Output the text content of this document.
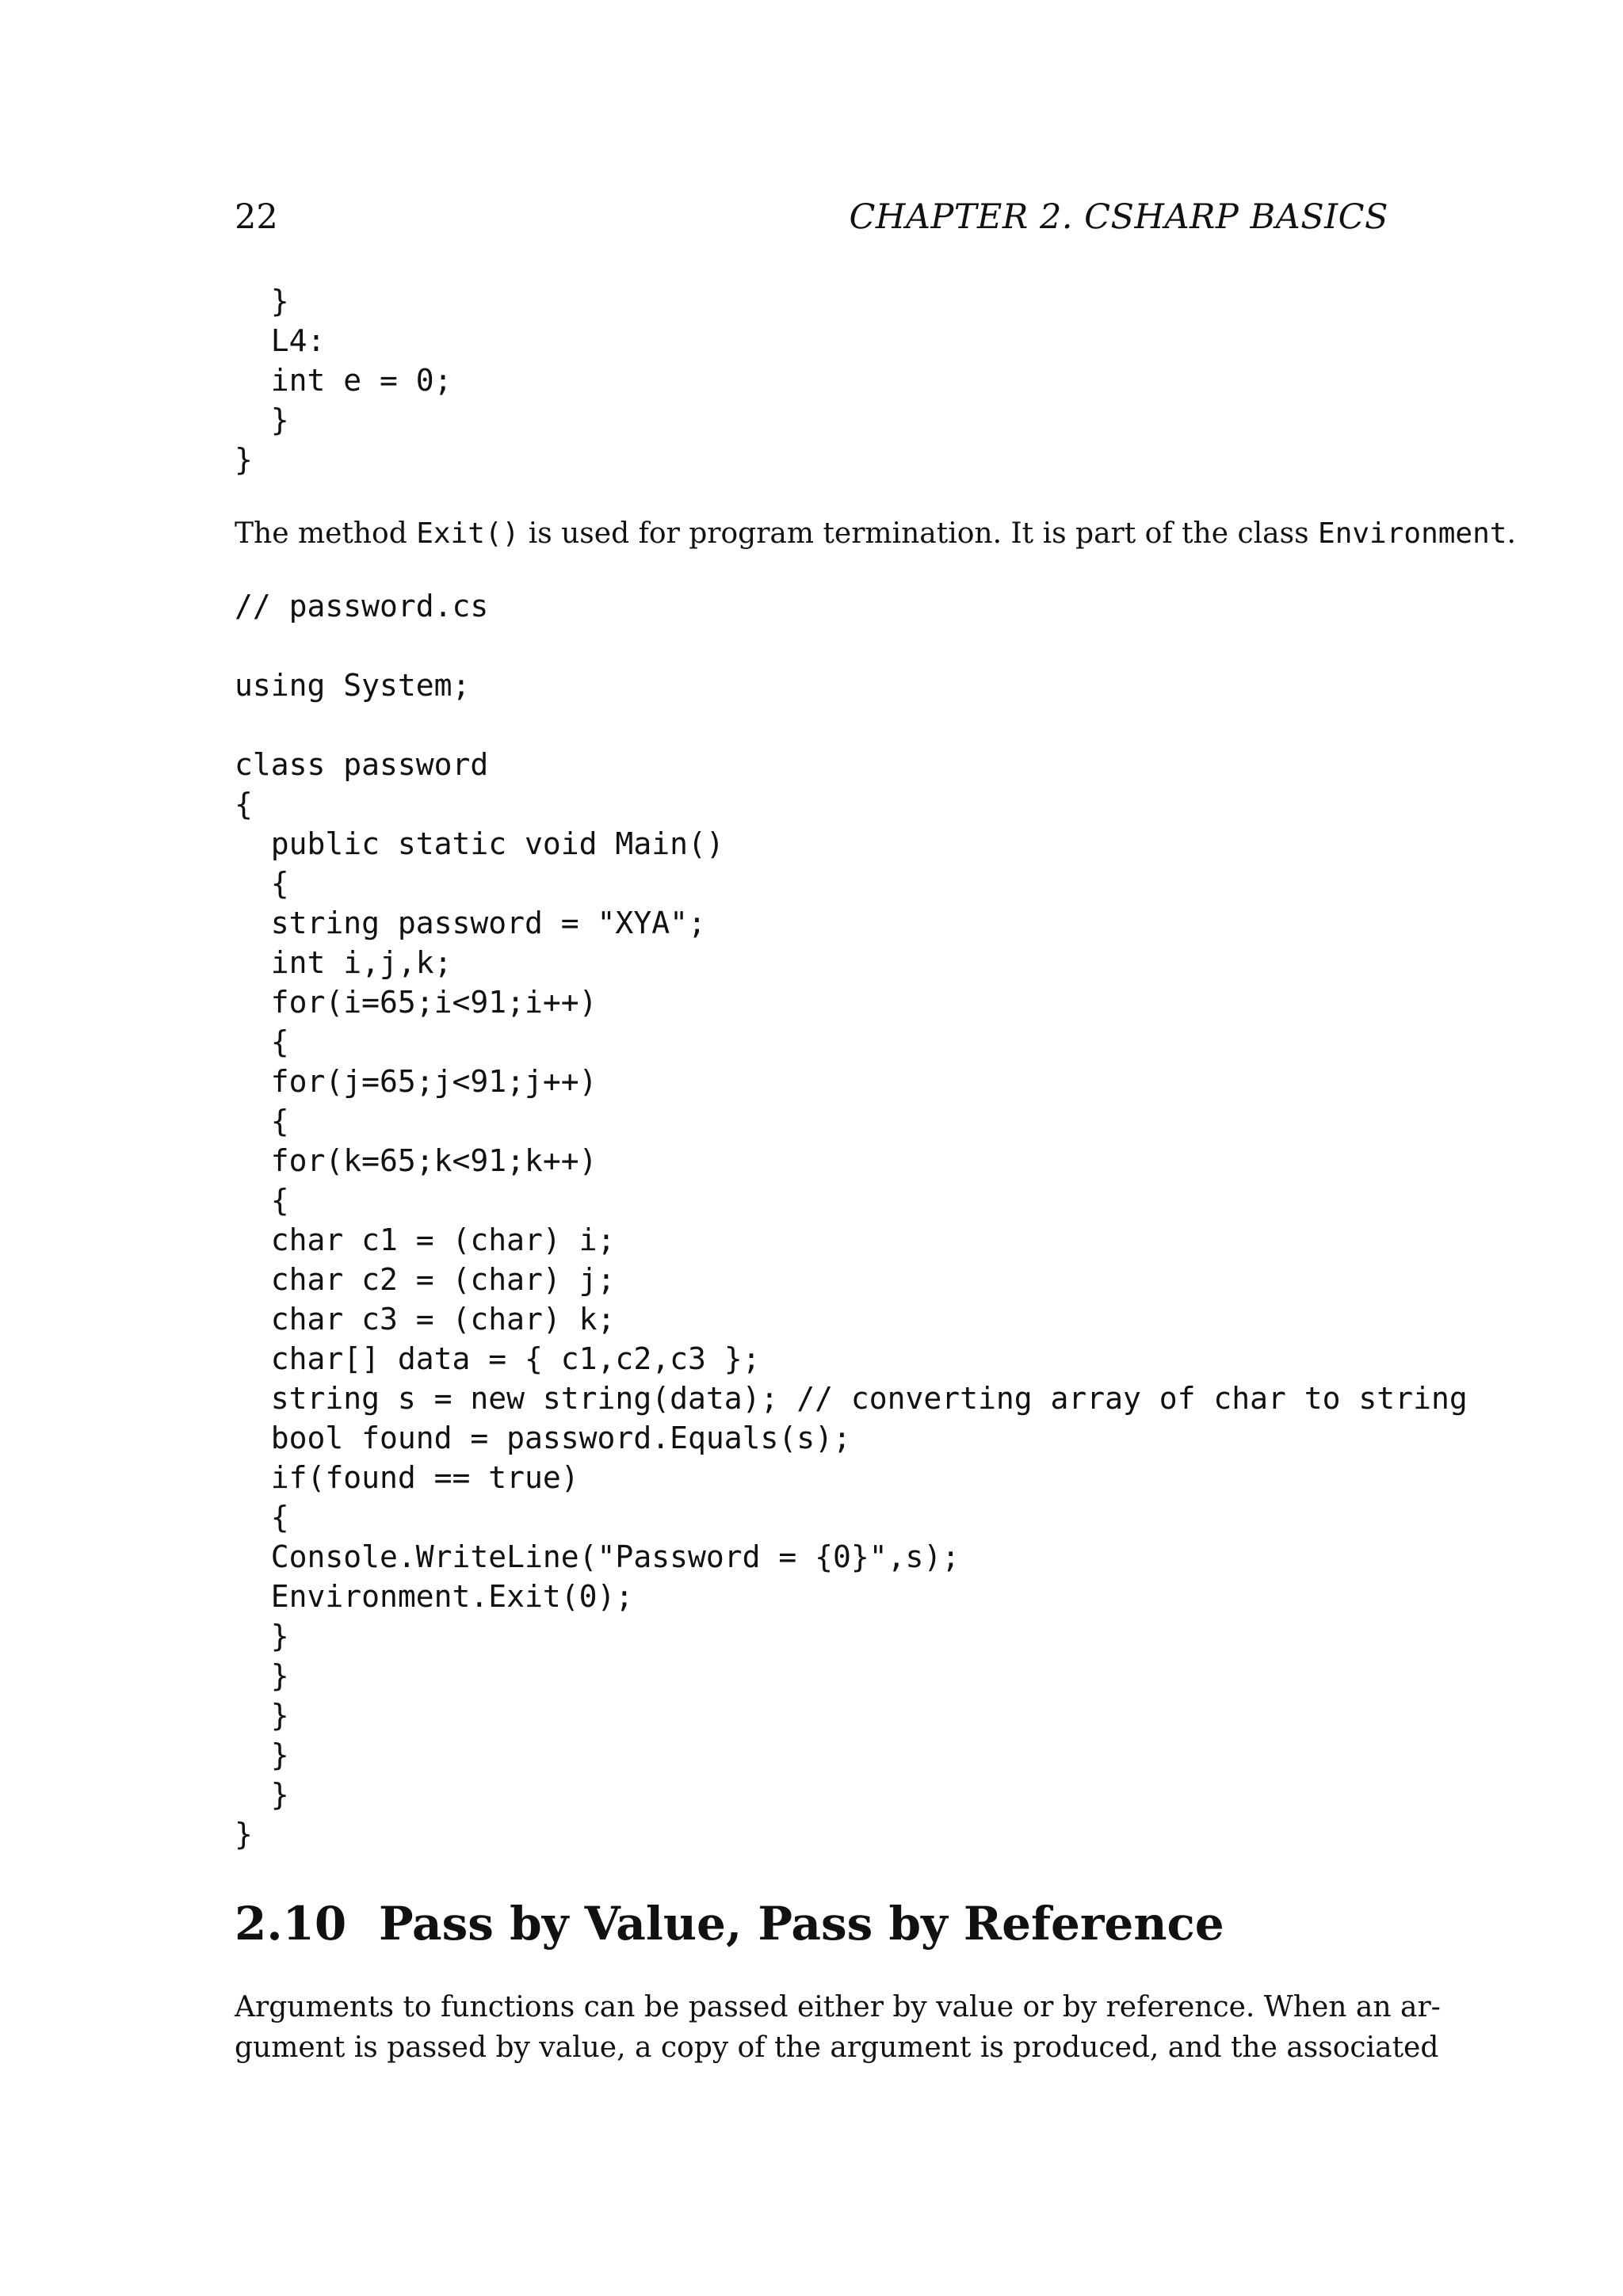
22	CHAPTER 2. CSHARP BASICS
}
L4:
int e = 0;
}
}

The method Exit() is used for program termination. It is part of the class Environment.

// password.cs
using System;
class password
{
public static void Main()
{
string password = "XYA";
int i,j,k;
for(i=65;i<91;i++)
{
for(j=65;j<91;j++)
{
for(k=65;k<91;k++)
{
char c1 = (char) i;
char c2 = (char) j;
char c3 = (char) k;
char[] data = { c1,c2,c3 };
string s = new string(data); // converting array of char to string
bool found = password.Equals(s);
if(found == true)
{
Console.WriteLine("Password = {0}",s);
Environment.Exit(0);
}
}
}
}
}
}
2.10 Pass by Value, Pass by Reference

Arguments to functions can be passed either by value or by reference. When an ar-
gument is passed by value, a copy of the argument is produced, and the associated
